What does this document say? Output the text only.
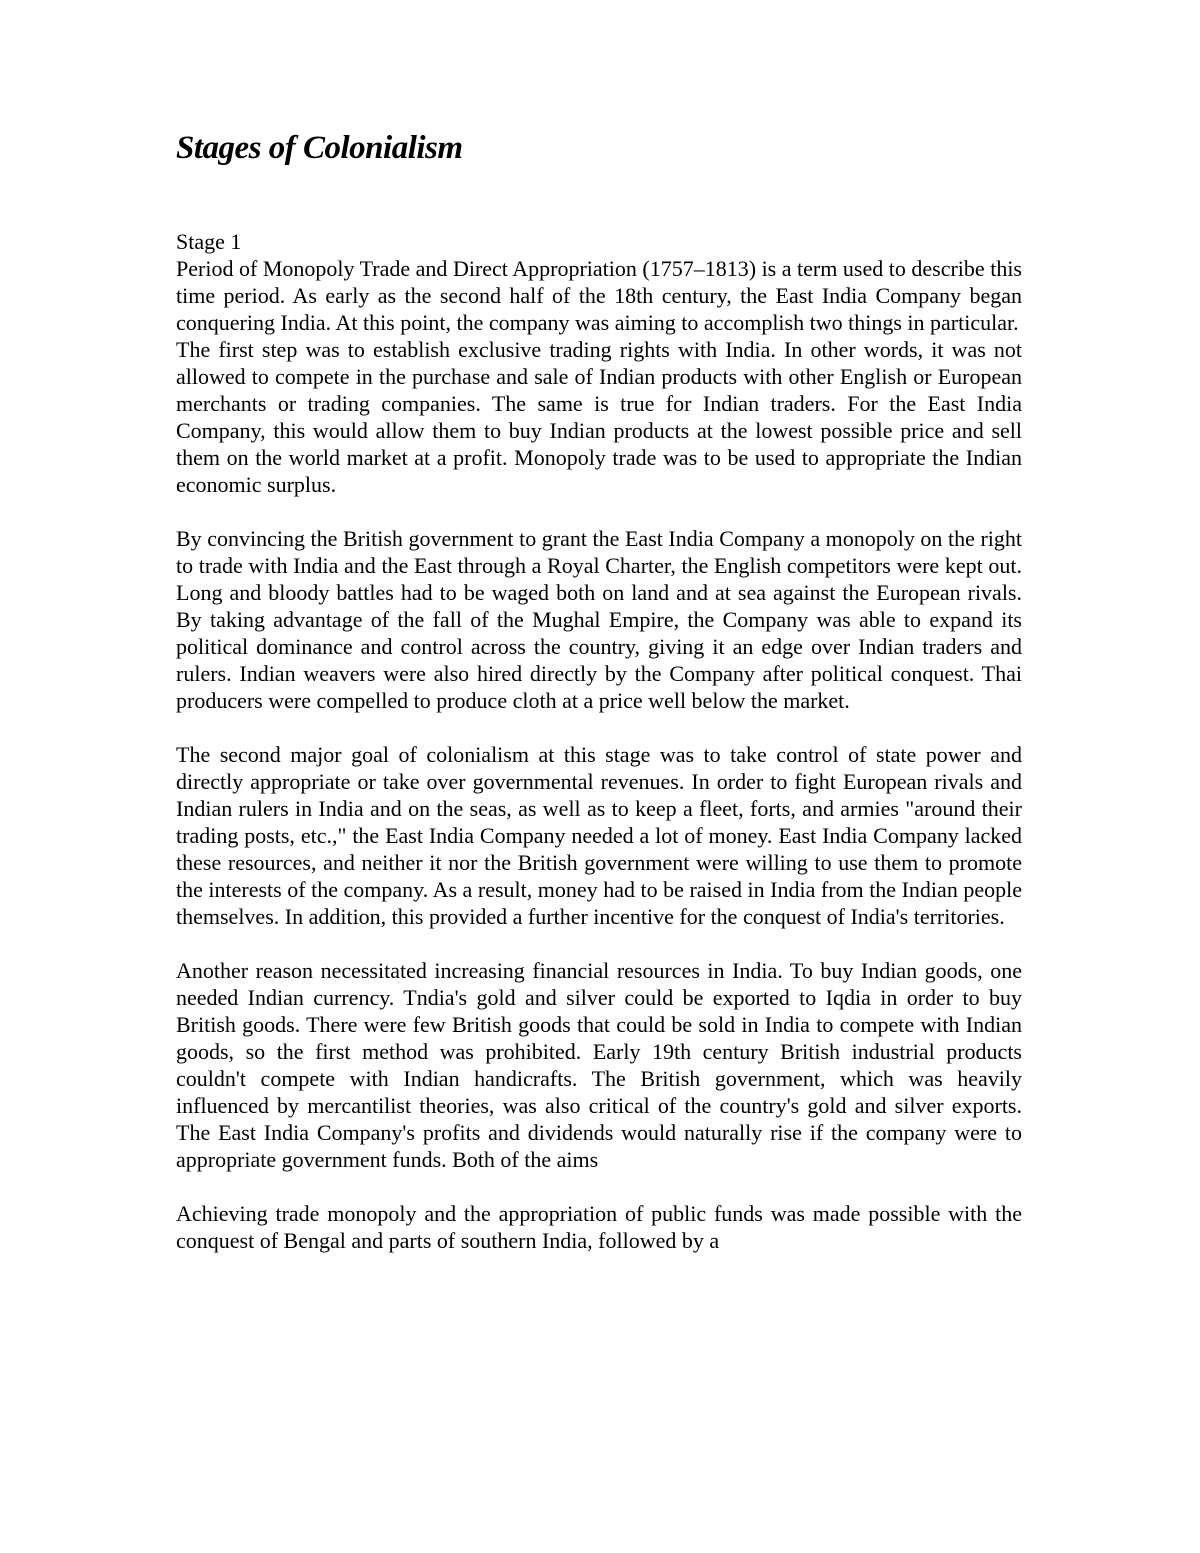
Stages of Colonialism

Stage 1

Period of Monopoly Trade and Direct Appropriation (1757–1813) is a term used to describe this time period. As early as the second half of the 18th century, the East India Company began conquering India. At this point, the company was aiming to accomplish two things in particular.

The first step was to establish exclusive trading rights with India. In other words, it was not allowed to compete in the purchase and sale of Indian products with other English or European merchants or trading companies. The same is true for Indian traders. For the East India Company, this would allow them to buy Indian products at the lowest possible price and sell them on the world market at a profit. Monopoly trade was to be used to appropriate the Indian economic surplus.

By convincing the British government to grant the East India Company a monopoly on the right to trade with India and the East through a Royal Charter, the English competitors were kept out. Long and bloody battles had to be waged both on land and at sea against the European rivals. By taking advantage of the fall of the Mughal Empire, the Company was able to expand its political dominance and control across the country, giving it an edge over Indian traders and rulers. Indian weavers were also hired directly by the Company after political conquest. Thai producers were compelled to produce cloth at a price well below the market.

The second major goal of colonialism at this stage was to take control of state power and directly appropriate or take over governmental revenues. In order to fight European rivals and Indian rulers in India and on the seas, as well as to keep a fleet, forts, and armies "around their trading posts, etc.," the East India Company needed a lot of money. East India Company lacked these resources, and neither it nor the British government were willing to use them to promote the interests of the company. As a result, money had to be raised in India from the Indian people themselves. In addition, this provided a further incentive for the conquest of India's territories.

Another reason necessitated increasing financial resources in India. To buy Indian goods, one needed Indian currency. Tndia's gold and silver could be exported to Iqdia in order to buy British goods. There were few British goods that could be sold in India to compete with Indian goods, so the first method was prohibited. Early 19th century British industrial products couldn't compete with Indian handicrafts. The British government, which was heavily influenced by mercantilist theories, was also critical of the country's gold and silver exports. The East India Company's profits and dividends would naturally rise if the company were to appropriate government funds. Both of the aims

Achieving trade monopoly and the appropriation of public funds was made possible with the conquest of Bengal and parts of southern India, followed by a
